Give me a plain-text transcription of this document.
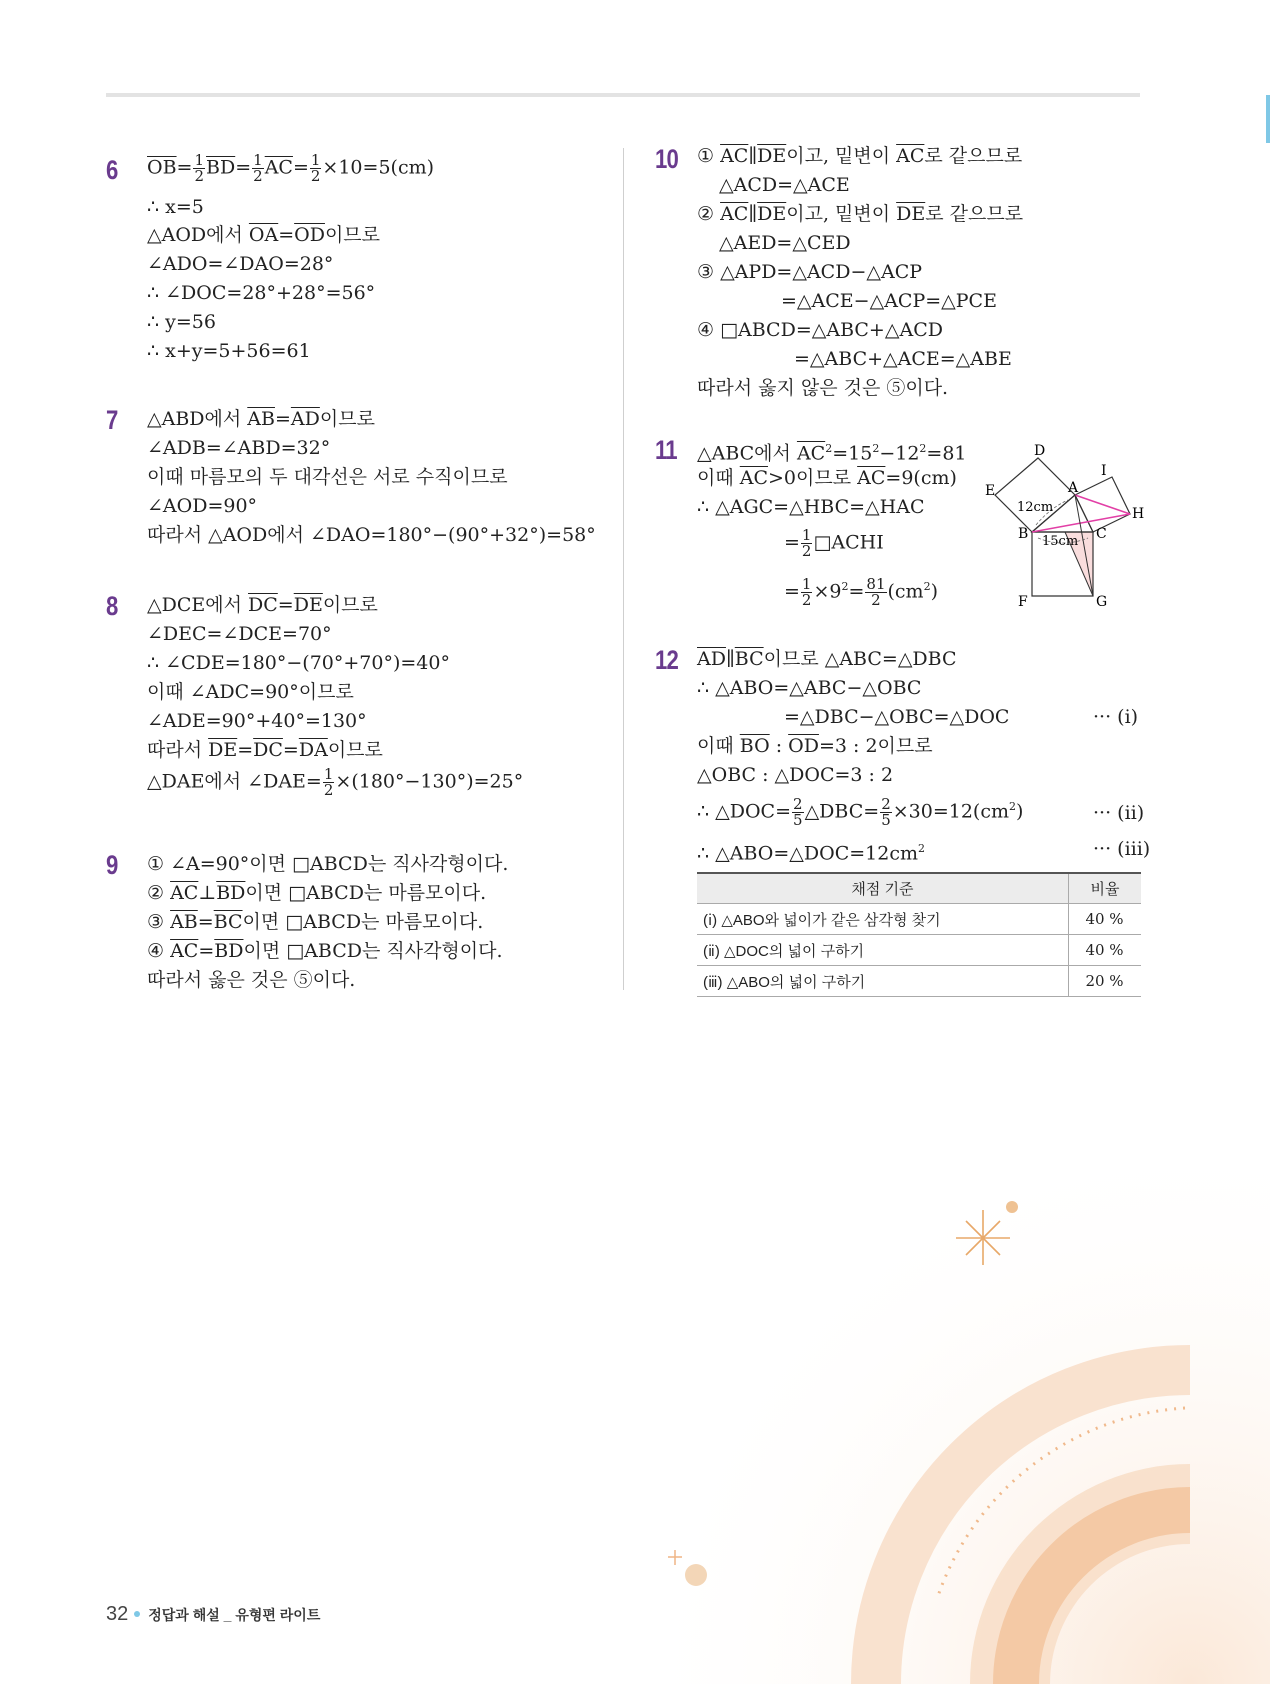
6 $\overline{OB}= \frac{1}{2} \overline{BD}= \frac{1}{2} \overline{AC}= \frac{1}{2} \times 10=5(cm)$
∴ x=5
△AOD에서 $\overline{OA}=\overline{OD}$이므로
∠ADO=∠DAO=28°
∴ ∠DOC=28°+28°=56°
∴ y=56
∴ x+y=5+56=61
7 △ABD에서 $\overline{AB}=\overline{AD}$이므로
∠ADB=∠ABD=32°
이때 마름모의 두 대각선은 서로 수직이므로
∠AOD=90°
따라서 △AOD에서 ∠DAO=180°−(90°+32°)=58°
8 △DCE에서 $\overline{DC}=\overline{DE}$이므로
∠DEC=∠DCE=70°
∴ ∠CDE=180°−(70°+70°)=40°
이때 ∠ADC=90°이므로
∠ADE=90°+40°=130°
따라서 $\overline{DE}=\overline{DC}=\overline{DA}$이므로
△DAE에서 ∠DAE= $\frac{1}{2} \times(180^\circ-130^\circ)=25^\circ$
9 ① ∠A=90°이면 □ABCD는 직사각형이다.
② $\overline{AC}\perp\overline{BD}$이면 □ABCD는 마름모이다.
③ $\overline{AB}=\overline{BC}$이면 □ABCD는 마름모이다.
④ $\overline{AC}=\overline{BD}$이면 □ABCD는 직사각형이다.
따라서 옳은 것은 ⑤이다.
10 ① $\overline{AC}\parallel\overline{DE}$이고, 밑변이 $\overline{AC}$로 같으므로
△ACD=△ACE
② $\overline{AC}\parallel\overline{DE}$이고, 밑변이 $\overline{DE}$로 같으므로
△AED=△CED
③ △APD=△ACD−△ACP
=△ACE−△ACP=△PCE
④ □ABCD=△ABC+△ACD
=△ABC+△ACE=△ABE
따라서 옳지 않은 것은 ⑤이다.
11 △ABC에서 $\overline{AC}^2=15^2-12^2=81$
이때 $\overline{AC}>0$이므로 $\overline{AC}=9(cm)$
∴ △AGC=△HBC=△HAC
= $\frac{1}{2}$ □ACHI
= $\frac{1}{2} \times 9^2= \frac{81}{2} (cm^2)$
D
I
E	A
H
B	C
F	G
12cm
15cm
12 $\overline{AD}\parallel\overline{BC}$이므로 △ABC=△DBC
∴ △ABO=△ABC−△OBC
=△DBC−△OBC=△DOC	··· (ⅰ)
이때 $\overline{BO}$ : $\overline{OD}=3$ : 2이므로
△OBC : △DOC=3 : 2
∴ △DOC= $\frac{2}{5}$ △DBC= $\frac{2}{5} \times 30=12(cm^2)$	··· (ⅱ)
∴ $\triangle ABO=\triangle DOC=12cm^2$	··· (ⅲ)
채점 기준	비율
(ⅰ) △ABO와 넓이가 같은 삼각형 찾기	40 %
(ⅱ) △DOC의 넓이 구하기	40 %
(ⅲ) △ABO의 넓이 구하기	20 %
32 정답과 해설 _ 유형편 라이트
